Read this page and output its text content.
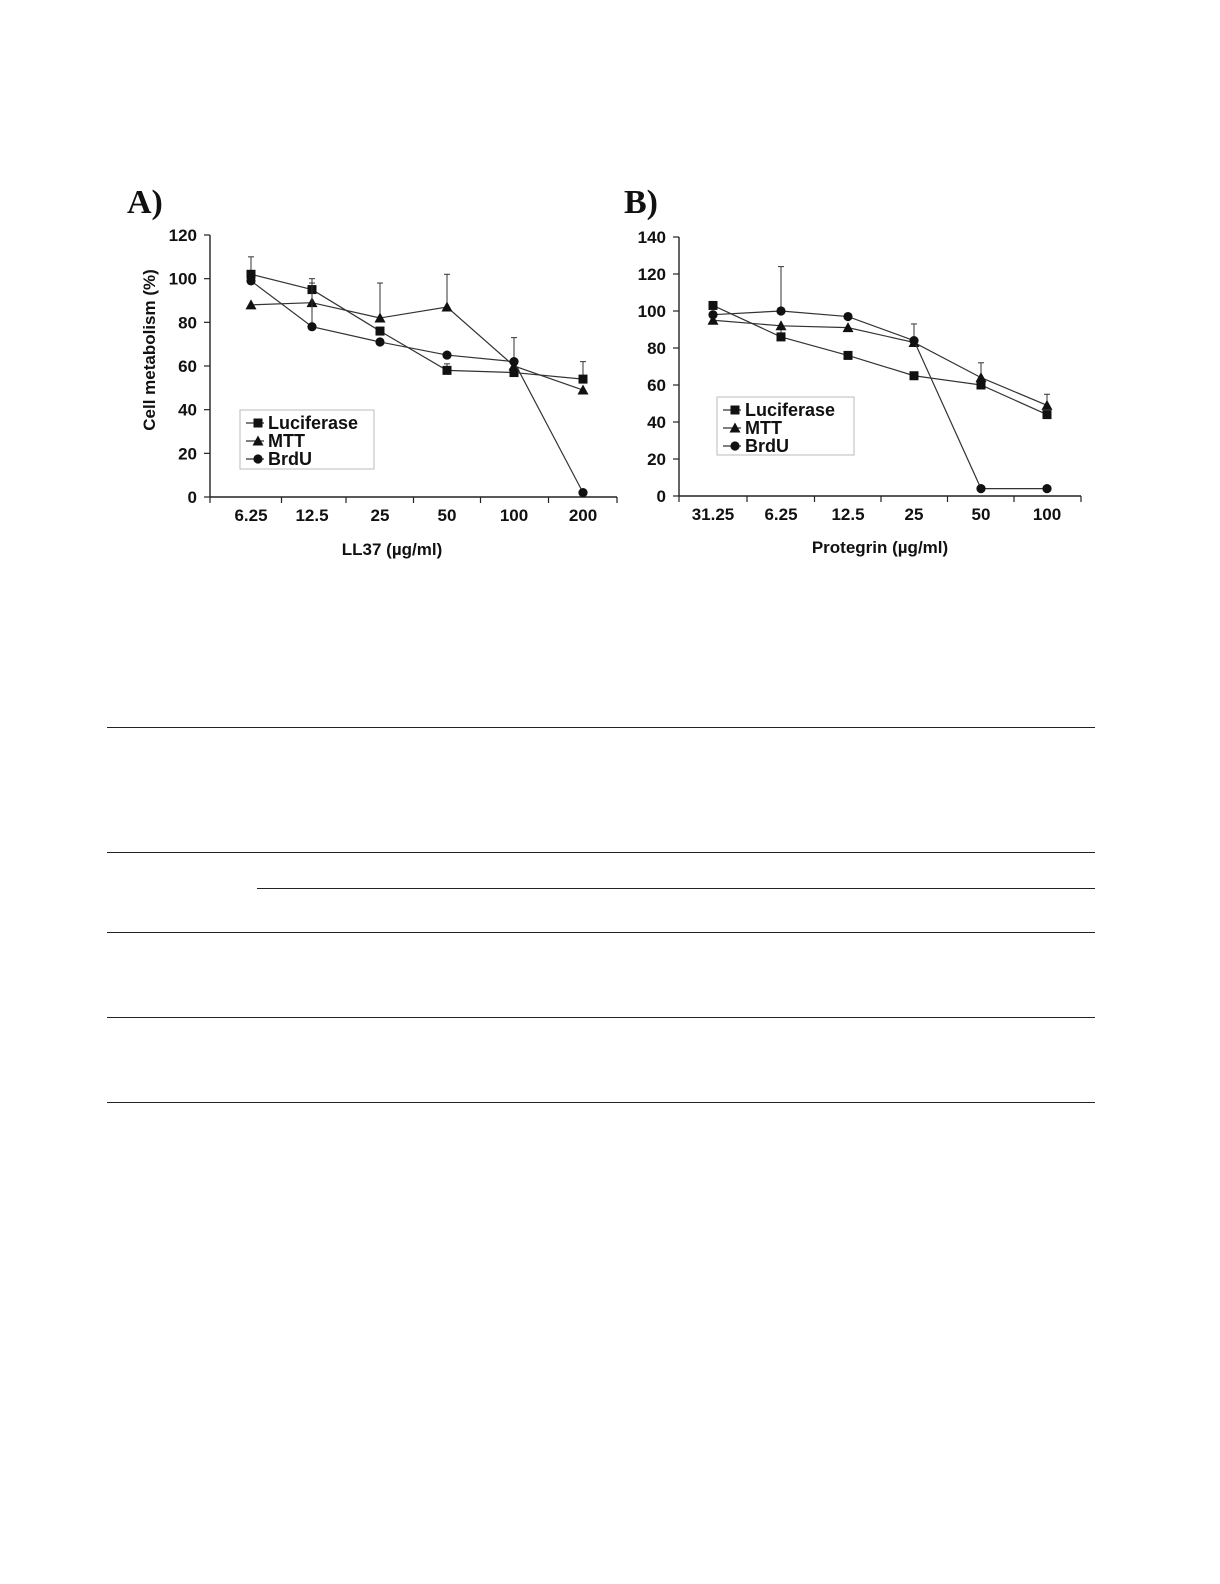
A)
0
20
40
60
80
100
120
6.25 12.5 25	50	100 200
LL37 (µg/ml)
Cell metabolism (%)	Luciferase
MTT
BrdU
B)
0
20
40
60
80
100
120
140
31.25 6.25 12.5 25	50 100
Protegrin (µg/ml)
Luciferase
MTT
BrdU
